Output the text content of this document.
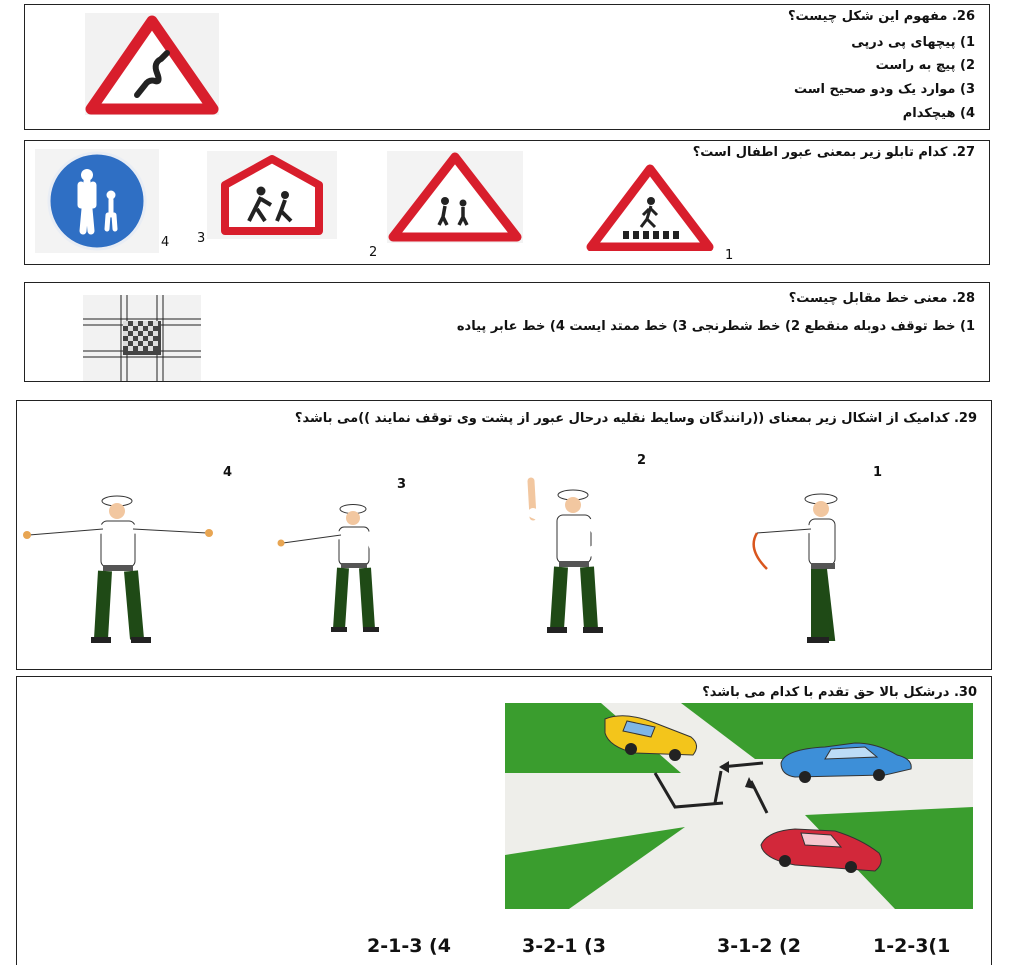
26. مفهوم این شکل چیست؟
1) پیچهای پی درپی
2) پیچ به راست
3) موارد یک ودو صحیح است
4) هیچکدام
27. کدام تابلو زیر بمعنی عبور اطفال است؟
1
2
3
4
28. معنی خط مقابل چیست؟
1) خط توقف دوبله منقطع 2) خط شطرنجی 3) خط ممتد ایست 4) خط عابر پیاده
29. کدامیک از اشکال زیر بمعنای ((رانندگان وسایط نقلیه درحال عبور از پشت وی توقف نمایند ))می باشد؟
1
2
3
4
30. درشکل بالا حق تقدم با کدام می باشد؟
1-2-3(1
3-1-2 (2
3-2-1 (3
2-1-3 (4
